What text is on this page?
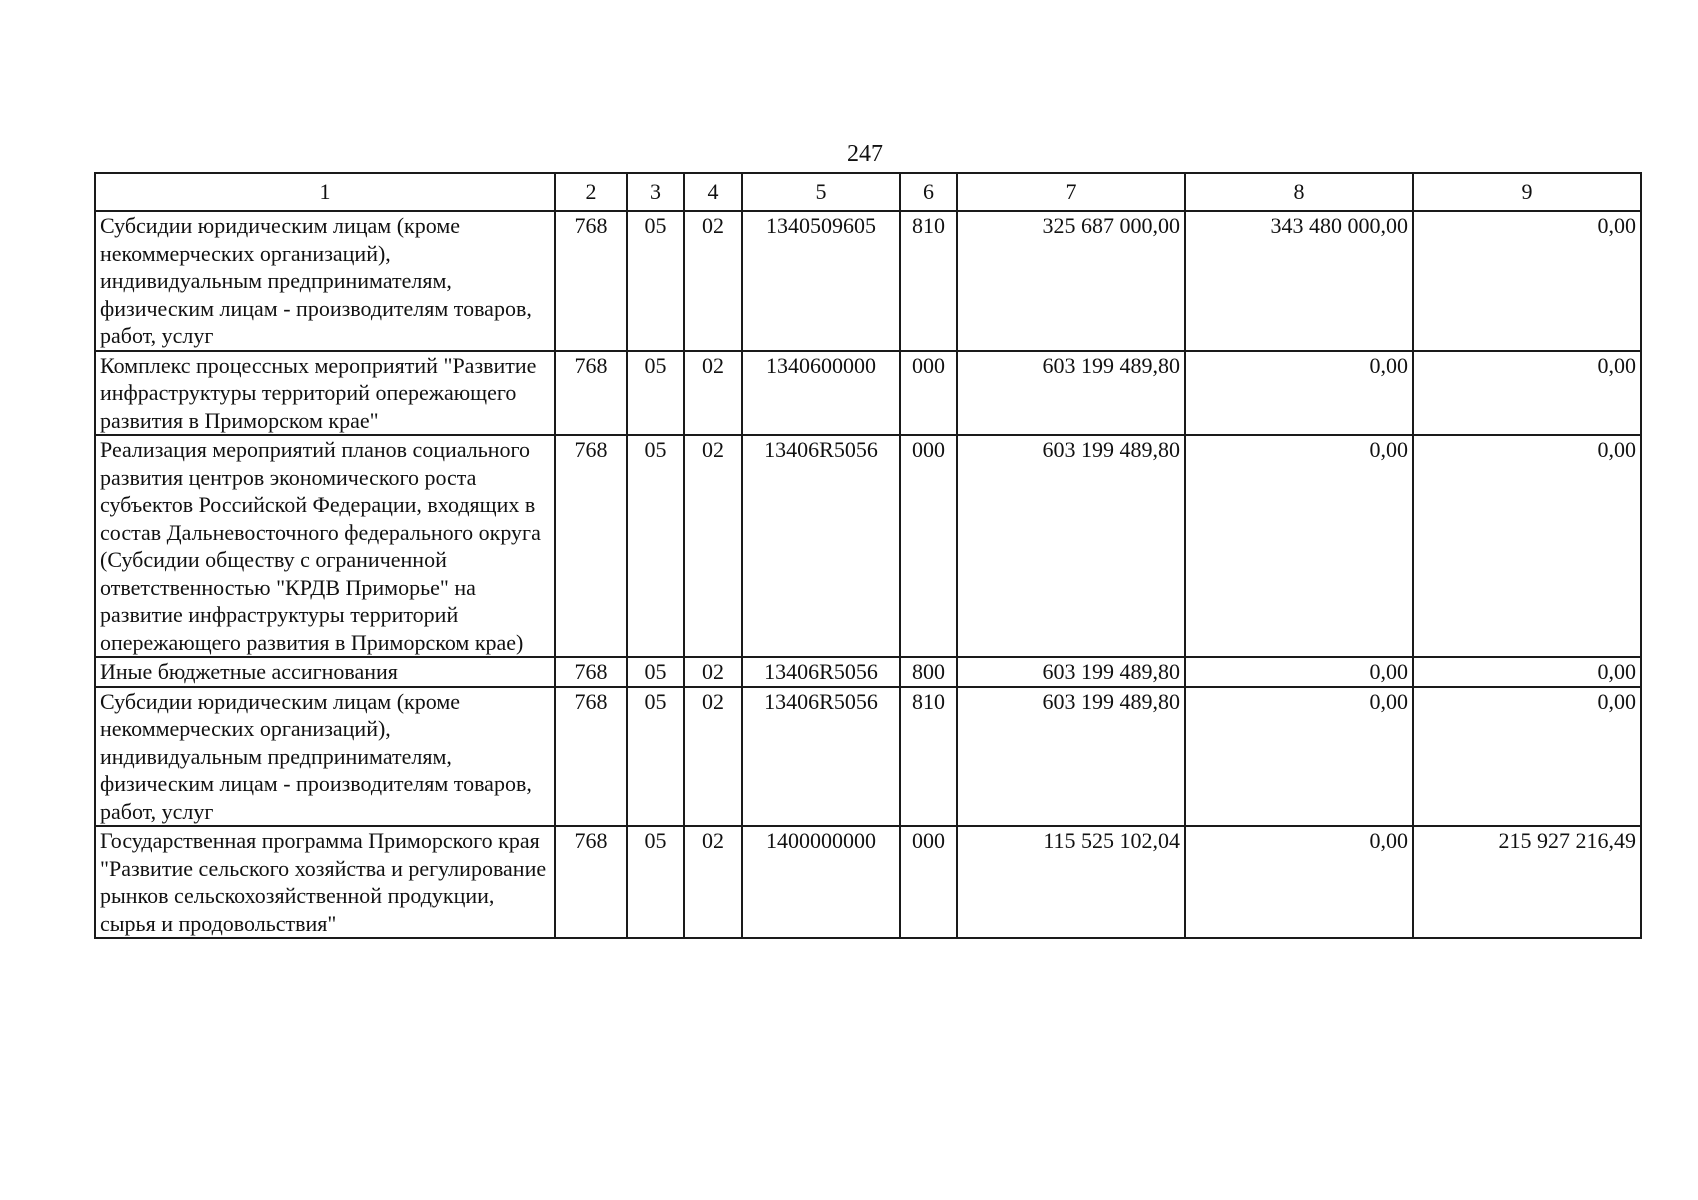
247
1	2	3	4	5	6	7	8	9
Субсидии юридическим лицам (кроме некоммерческих организаций), индивидуальным предпринимателям, физическим лицам - производителям товаров, работ, услуг	768	05	02	1340509605	810	325 687 000,00	343 480 000,00	0,00
Комплекс процессных мероприятий "Развитие инфраструктуры территорий опережающего развития в Приморском крае"	768	05	02	1340600000	000	603 199 489,80	0,00	0,00
Реализация мероприятий планов социального развития центров экономического роста субъектов Российской Федерации, входящих в состав Дальневосточного федерального округа (Субсидии обществу с ограниченной ответственностью "КРДВ Приморье" на развитие инфраструктуры территорий опережающего развития в Приморском крае)	768	05	02	13406R5056	000	603 199 489,80	0,00	0,00
Иные бюджетные ассигнования	768	05	02	13406R5056	800	603 199 489,80	0,00	0,00
Субсидии юридическим лицам (кроме некоммерческих организаций), индивидуальным предпринимателям, физическим лицам - производителям товаров, работ, услуг	768	05	02	13406R5056	810	603 199 489,80	0,00	0,00
Государственная программа Приморского края "Развитие сельского хозяйства и регулирование рынков сельскохозяйственной продукции, сырья и продовольствия"	768	05	02	1400000000	000	115 525 102,04	0,00	215 927 216,49
